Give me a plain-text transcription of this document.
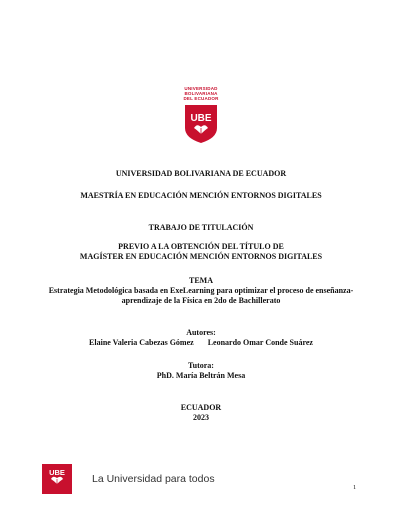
UNIVERSIDAD
BOLIVARIANA
DEL ECUADOR
UBE
UNIVERSIDAD BOLIVARIANA DE ECUADOR
MAESTRÍA EN EDUCACIÓN MENCIÓN ENTORNOS DIGITALES
TRABAJO DE TITULACIÓN
PREVIO A LA OBTENCIÓN DEL TÍTULO DE
MAGÍSTER EN EDUCACIÓN MENCIÓN ENTORNOS DIGITALES
TEMA
Estrategia Metodológica basada en ExeLearning para optimizar el proceso de enseñanza-
aprendizaje de la Física en 2do de Bachillerato
Autores:
Elaine Valeria Cabezas Gómez Leonardo Omar Conde Suárez
Tutora:
PhD. María Beltrán Mesa
ECUADOR
2023
UBE
La Universidad para todos
1
